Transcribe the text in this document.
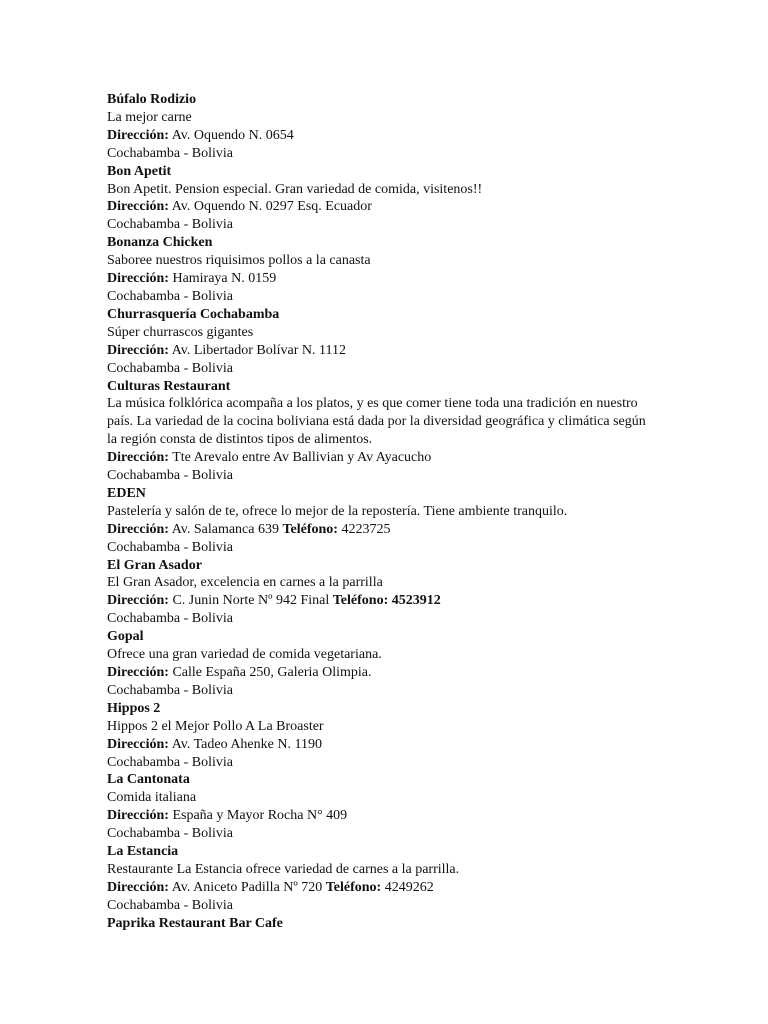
Búfalo Rodizio

La mejor carne

Dirección: Av. Oquendo N. 0654

Cochabamba - Bolivia

Bon Apetit

Bon Apetit. Pension especial. Gran variedad de comida, visitenos!!

Dirección: Av. Oquendo N. 0297 Esq. Ecuador

Cochabamba - Bolivia

Bonanza Chicken

Saboree nuestros riquisimos pollos a la canasta

Dirección: Hamiraya N. 0159

Cochabamba - Bolivia

Churrasquería Cochabamba

Súper churrascos gigantes

Dirección: Av. Libertador Bolívar N. 1112

Cochabamba - Bolivia

Culturas Restaurant

La música folklórica acompaña a los platos, y es que comer tiene toda una tradición en nuestro país. La variedad de la cocina boliviana está dada por la diversidad geográfica y climática según la región consta de distintos tipos de alimentos.

Dirección: Tte Arevalo entre Av Ballivian y Av Ayacucho

Cochabamba - Bolivia

EDEN

Pastelería y salón de te, ofrece lo mejor de la repostería. Tiene ambiente tranquilo.

Dirección: Av. Salamanca 639 Teléfono: 4223725

Cochabamba - Bolivia

El Gran Asador

El Gran Asador, excelencia en carnes a la parrilla

Dirección: C. Junin Norte Nº 942 Final Teléfono: 4523912

Cochabamba - Bolivia

Gopal

Ofrece una gran variedad de comida vegetariana.

Dirección: Calle España 250, Galeria Olimpia.

Cochabamba - Bolivia

Hippos 2

Hippos 2 el Mejor Pollo A La Broaster

Dirección: Av. Tadeo Ahenke N. 1190

Cochabamba - Bolivia

La Cantonata

Comida italiana

Dirección: España y Mayor Rocha N° 409

Cochabamba - Bolivia

La Estancia

Restaurante La Estancia ofrece variedad de carnes a la parrilla.

Dirección: Av. Aniceto Padilla Nº 720 Teléfono: 4249262

Cochabamba - Bolivia

Paprika Restaurant Bar Cafe
